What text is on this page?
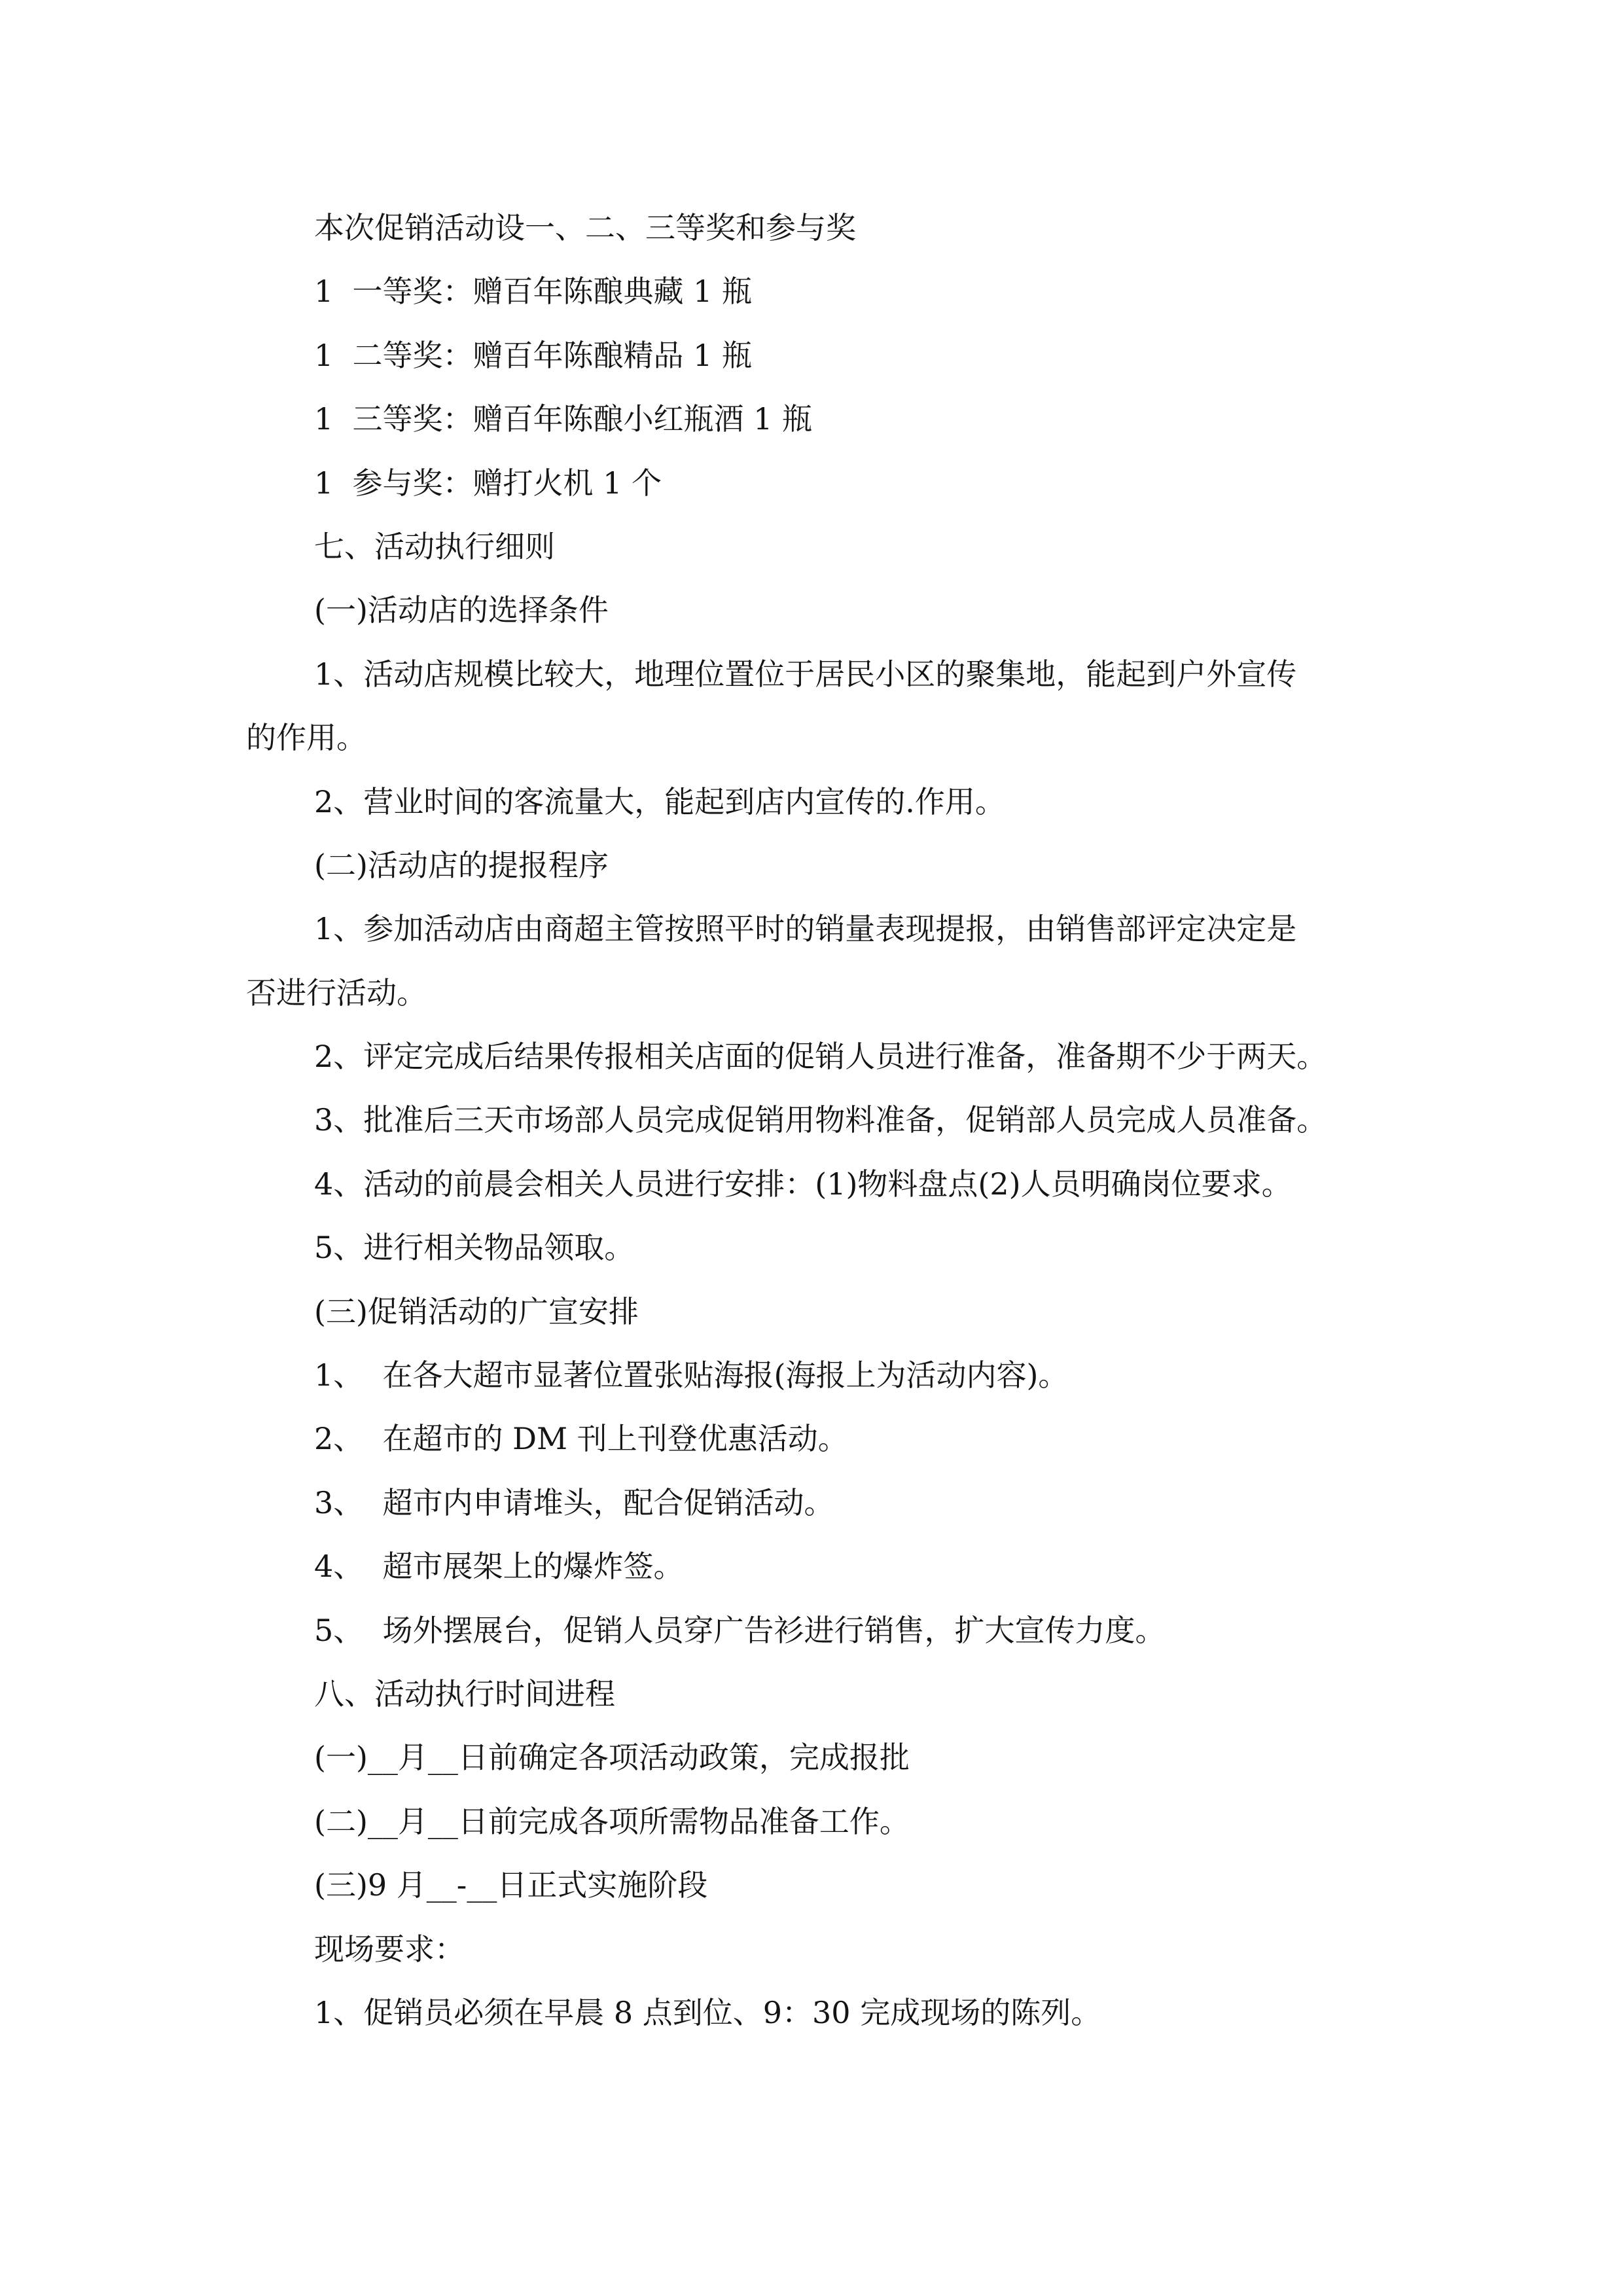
本次促销活动设一、二、三等奖和参与奖
1  一等奖：赠百年陈酿典藏 1 瓶
1  二等奖：赠百年陈酿精品 1 瓶
1  三等奖：赠百年陈酿小红瓶酒 1 瓶
1  参与奖：赠打火机 1 个
七、活动执行细则
(一)活动店的选择条件
1、活动店规模比较大，地理位置位于居民小区的聚集地，能起到户外宣传
的作用。
2、营业时间的客流量大，能起到店内宣传的.作用。
(二)活动店的提报程序
1、参加活动店由商超主管按照平时的销量表现提报，由销售部评定决定是
否进行活动。
2、评定完成后结果传报相关店面的促销人员进行准备，准备期不少于两天。
3、批准后三天市场部人员完成促销用物料准备，促销部人员完成人员准备。
4、活动的前晨会相关人员进行安排：(1)物料盘点(2)人员明确岗位要求。
5、进行相关物品领取。
(三)促销活动的广宣安排
1、  在各大超市显著位置张贴海报(海报上为活动内容)。
2、  在超市的 DM 刊上刊登优惠活动。
3、  超市内申请堆头，配合促销活动。
4、  超市展架上的爆炸签。
5、  场外摆展台，促销人员穿广告衫进行销售，扩大宣传力度。
八、活动执行时间进程
(一)__月__日前确定各项活动政策，完成报批
(二)__月__日前完成各项所需物品准备工作。
(三)9 月__-__日正式实施阶段
现场要求：
1、促销员必须在早晨 8 点到位、9：30 完成现场的陈列。
